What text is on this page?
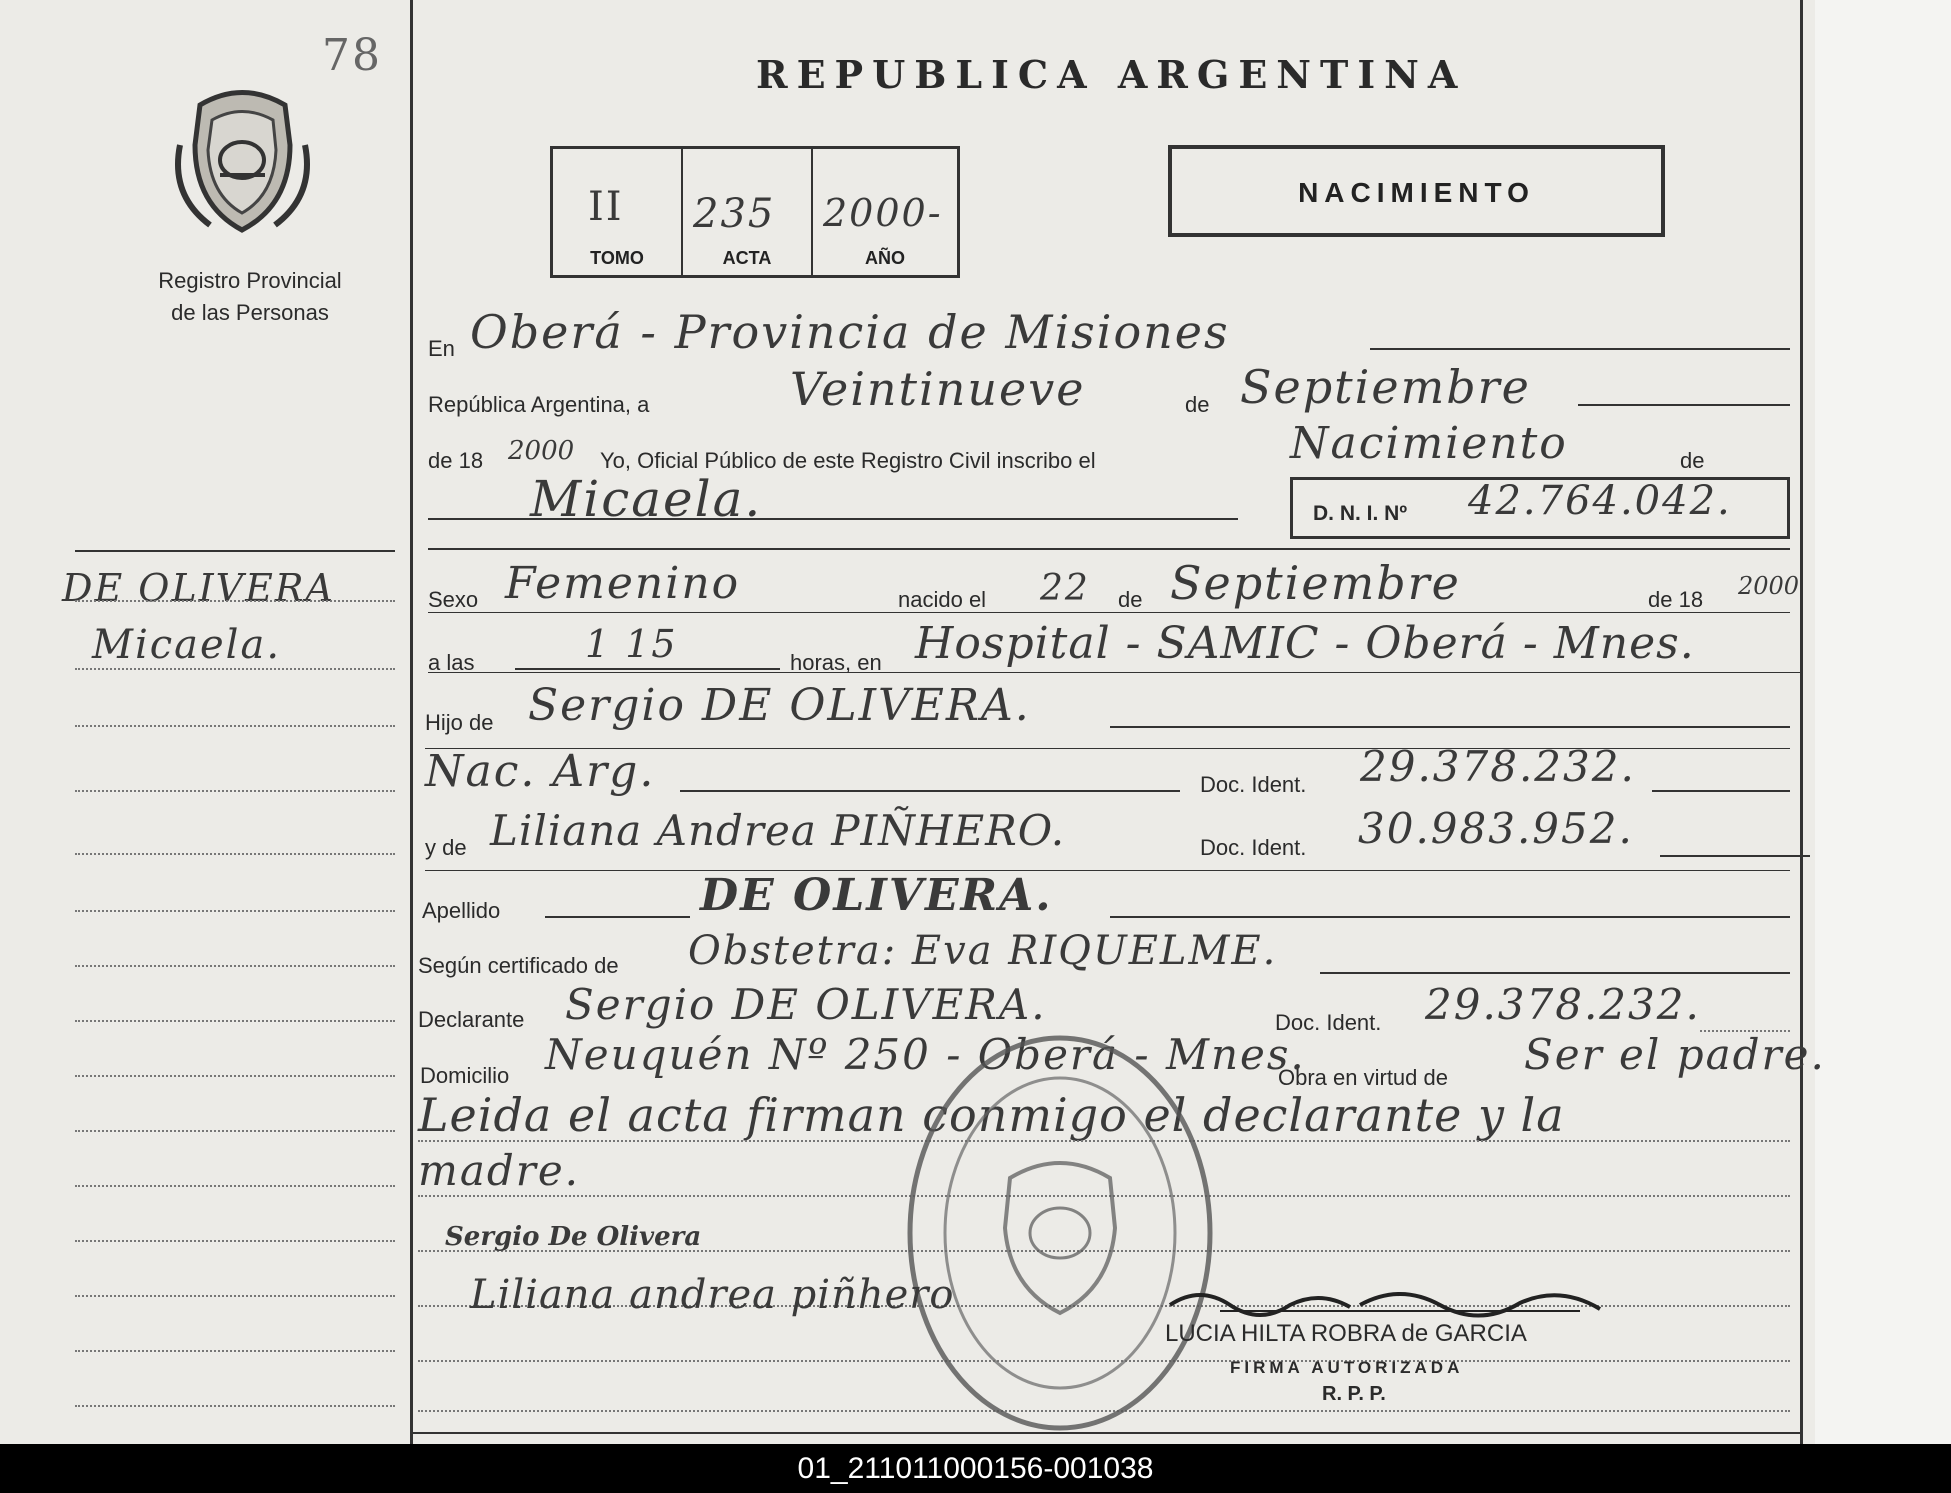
78
Registro Provincial
de las Personas
DE OLIVERA
Micaela.
REPUBLICA ARGENTINA
II
TOMO
235
ACTA
2000-
AÑO
NACIMIENTO
En Oberá - Provincia de Misiones
República Argentina, a	Veintinueve	de Septiembre
de 18 2000 Yo, Oficial Público de este Registro Civil inscribo el	Nacimiento	de
Micaela.	D. N. I. Nº 42.764.042.
Sexo Femenino	nacido el 22 de Septiembre	de 18 2000
a las	1 15	horas, en Hospital - SAMIC - Oberá - Mnes.
Hijo de Sergio DE OLIVERA.
Nac. Arg.	Doc. Ident. 29.378.232.
y de Liliana Andrea PIÑHERO.	Doc. Ident. 30.983.952.
Apellido	DE OLIVERA.
Según certificado de Obstetra: Eva RIQUELME.
Declarante Sergio DE OLIVERA.	Doc. Ident. 29.378.232.
Domicilio Neuquén Nº 250 - Oberá - Mnes.
Obra en virtud de Ser el padre.
Leida el acta firman conmigo el declarante y la
madre.
Sergio De Olivera
Liliana andrea piñhero
LUCIA HILTA ROBRA de GARCIA
FIRMA AUTORIZADA
R. P. P.
01_211011000156-001038
